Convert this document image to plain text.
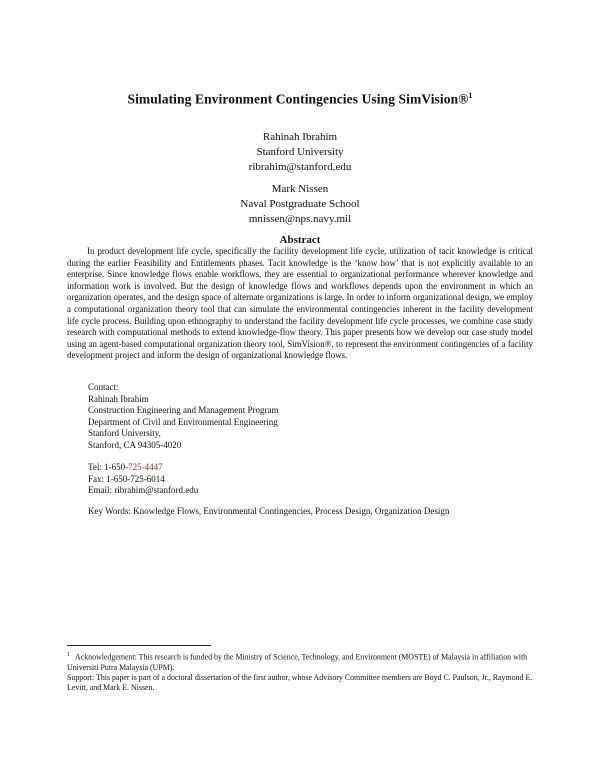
Simulating Environment Contingencies Using SimVision®$^1$
Rahinah Ibrahim
Stanford University
ribrahim@stanford.edu
Mark Nissen
Naval Postgraduate School
mnissen@nps.navy.mil
Abstract
In product development life cycle, specifically the facility development life cycle, utilization of tacit knowledge is critical during the earlier Feasibility and Entitlements phases. Tacit knowledge is the ‘know how’ that is not explicitly available to an enterprise. Since knowledge flows enable workflows, they are essential to organizational performance wherever knowledge and information work is involved. But the design of knowledge flows and workflows depends upon the environment in which an organization operates, and the design space of alternate organizations is large. In order to inform organizational design, we employ a computational organization theory tool that can simulate the environmental contingencies inherent in the facility development life cycle process. Building upon ethnography to understand the facility development life cycle processes, we combine case study research with computational methods to extend knowledge-flow theory. This paper presents how we develop our case study model using an agent-based computational organization theory tool, SimVision®, to represent the environment contingencies of a facility development project and inform the design of organizational knowledge flows.
Contact:
Rahinah Ibrahim
Construction Engineering and Management Program
Department of Civil and Environmental Engineering
Stanford University,
Stanford, CA 94305-4020
Tel: 1-650-725-4447
Fax: 1-650-725-6014
Email: ribrahim@stanford.edu
Key Words: Knowledge Flows, Environmental Contingencies, Process Design, Organization Design

$^1$ Acknowledgement: This research is funded by the Ministry of Science, Technology, and Environment (MOSTE) of Malaysia in affiliation with Universiti Putra Malaysia (UPM).

Support: This paper is part of a doctoral dissertation of the first author, whose Advisory Committee members are Boyd C. Paulson, Jr., Raymond E. Levitt, and Mark E. Nissen.
